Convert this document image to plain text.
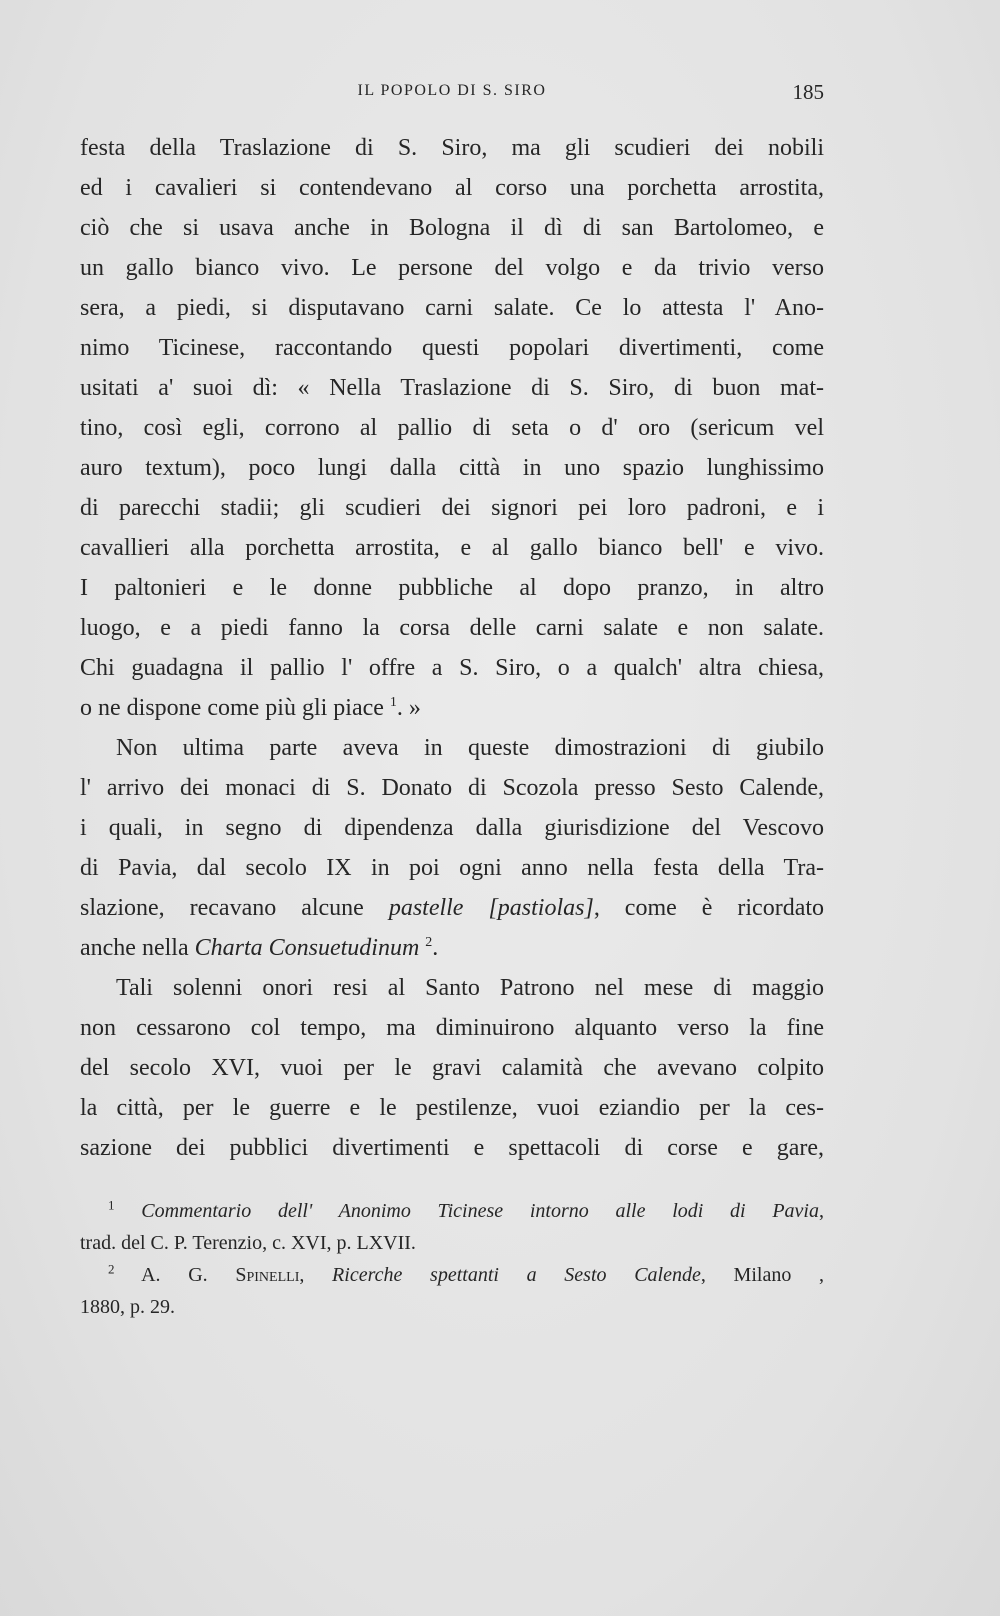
IL POPOLO DI S. SIRO	185
festa della Traslazione di S. Siro, ma gli scudieri dei nobili
ed i cavalieri si contendevano al corso una porchetta arrostita,
ciò che si usava anche in Bologna il dì di san Bartolomeo, e
un gallo bianco vivo. Le persone del volgo e da trivio verso
sera, a piedi, si disputavano carni salate. Ce lo attesta l' Ano-
nimo Ticinese, raccontando questi popolari divertimenti, come
usitati a' suoi dì: « Nella Traslazione di S. Siro, di buon mat-
tino, così egli, corrono al pallio di seta o d' oro (sericum vel
auro textum), poco lungi dalla città in uno spazio lunghissimo
di parecchi stadii; gli scudieri dei signori pei loro padroni, e i
cavallieri alla porchetta arrostita, e al gallo bianco bell' e vivo.
I paltonieri e le donne pubbliche al dopo pranzo, in altro
luogo, e a piedi fanno la corsa delle carni salate e non salate.
Chi guadagna il pallio l' offre a S. Siro, o a qualch' altra chiesa,
o ne dispone come più gli piace $^1$. »
Non ultima parte aveva in queste dimostrazioni di giubilo
l' arrivo dei monaci di S. Donato di Scozola presso Sesto Calende,
i quali, in segno di dipendenza dalla giurisdizione del Vescovo
di Pavia, dal secolo IX in poi ogni anno nella festa della Tra-
slazione, recavano alcune pastelle [pastiolas], come è ricordato
anche nella Charta Consuetudinum $^2$.
Tali solenni onori resi al Santo Patrono nel mese di maggio
non cessarono col tempo, ma diminuirono alquanto verso la fine
del secolo XVI, vuoi per le gravi calamità che avevano colpito
la città, per le guerre e le pestilenze, vuoi eziandio per la ces-
sazione dei pubblici divertimenti e spettacoli di corse e gare,
$^1$ Commentario dell' Anonimo Ticinese intorno alle lodi di Pavia,
trad. del C. P. Terenzio, c. XVI, p. LXVII.
$^2$ A. G. Spinelli, Ricerche spettanti a Sesto Calende, Milano ,
1880, p. 29.
